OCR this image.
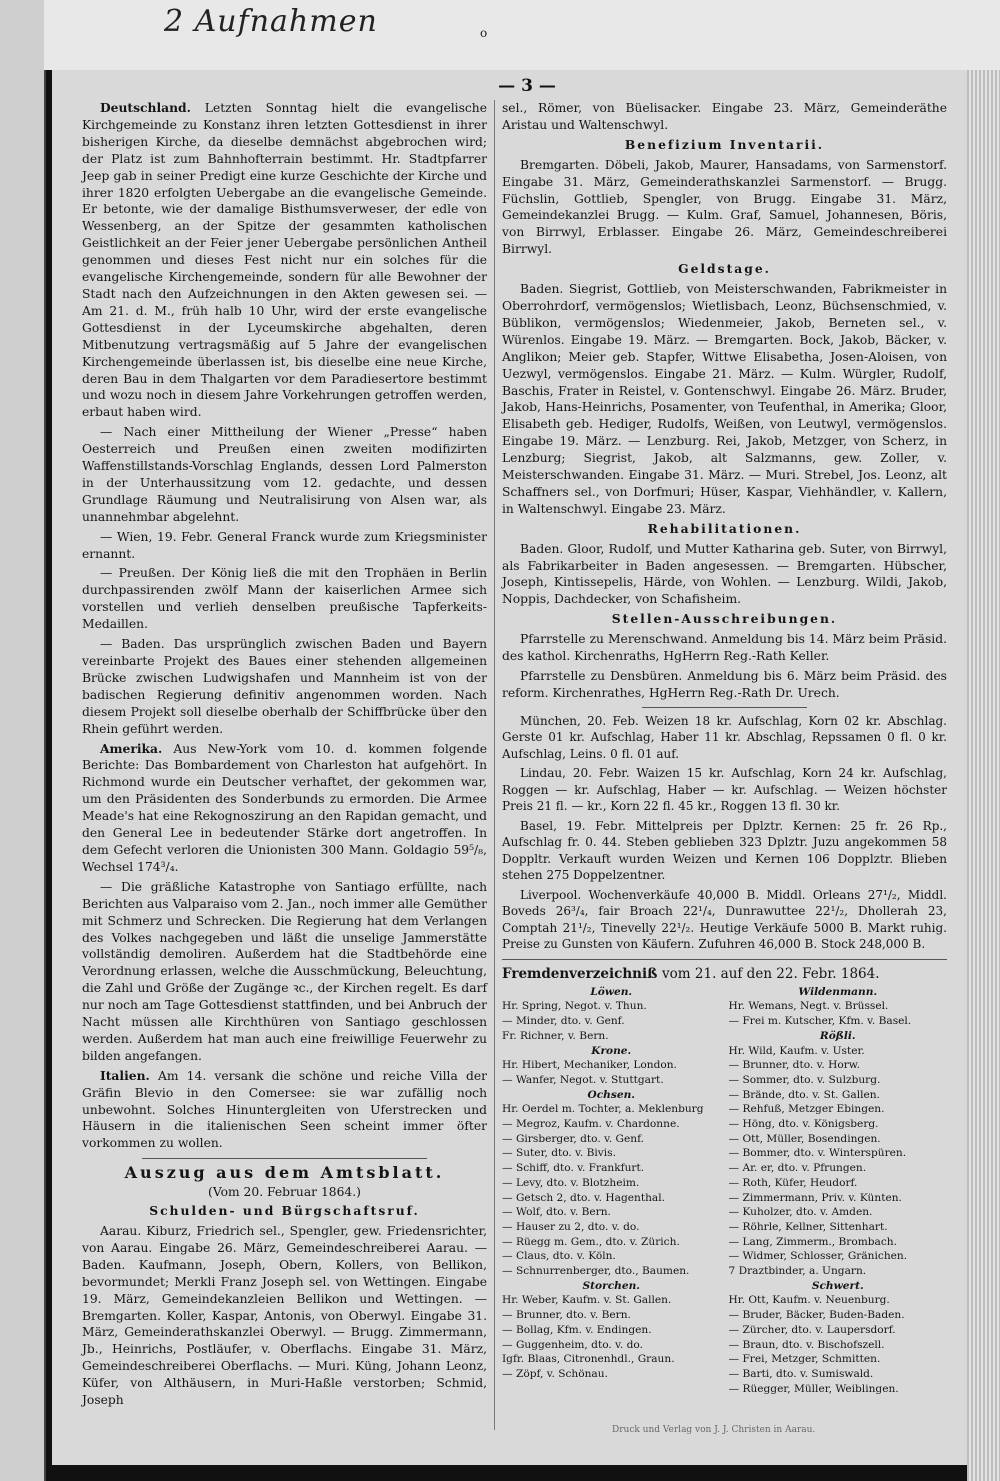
2 Aufnahmen	o
— 3 —

Deutschland. Letzten Sonntag hielt die evangelische Kirchgemeinde zu Konstanz ihren letzten Gottesdienst in ihrer bisherigen Kirche, da dieselbe demnächst abgebrochen wird; der Platz ist zum Bahnhofterrain bestimmt. Hr. Stadtpfarrer Jeep gab in seiner Predigt eine kurze Geschichte der Kirche und ihrer 1820 erfolgten Uebergabe an die evangelische Gemeinde. Er betonte, wie der damalige Bisthumsverweser, der edle von Wessenberg, an der Spitze der gesammten katholischen Geistlichkeit an der Feier jener Uebergabe persönlichen Antheil genommen und dieses Fest nicht nur ein solches für die evangelische Kirchengemeinde, sondern für alle Bewohner der Stadt nach den Aufzeichnungen in den Akten gewesen sei. — Am 21. d. M., früh halb 10 Uhr, wird der erste evangelische Gottesdienst in der Lyceumskirche abgehalten, deren Mitbenutzung vertragsmäßig auf 5 Jahre der evangelischen Kirchengemeinde überlassen ist, bis dieselbe eine neue Kirche, deren Bau in dem Thalgarten vor dem Paradiesertore bestimmt und wozu noch in diesem Jahre Vorkehrungen getroffen werden, erbaut haben wird.

— Nach einer Mittheilung der Wiener „Presse“ haben Oesterreich und Preußen einen zweiten modifizirten Waffenstillstands-Vorschlag Englands, dessen Lord Palmerston in der Unterhaussitzung vom 12. gedachte, und dessen Grundlage Räumung und Neutralisirung von Alsen war, als unannehmbar abgelehnt.

— Wien, 19. Febr. General Franck wurde zum Kriegsminister ernannt.

— Preußen. Der König ließ die mit den Trophäen in Berlin durchpassirenden zwölf Mann der kaiserlichen Armee sich vorstellen und verlieh denselben preußische Tapferkeits-Medaillen.

— Baden. Das ursprünglich zwischen Baden und Bayern vereinbarte Projekt des Baues einer stehenden allgemeinen Brücke zwischen Ludwigshafen und Mannheim ist von der badischen Regierung definitiv angenommen worden. Nach diesem Projekt soll dieselbe oberhalb der Schiffbrücke über den Rhein geführt werden.

Amerika. Aus New-York vom 10. d. kommen folgende Berichte: Das Bombardement von Charleston hat aufgehört. In Richmond wurde ein Deutscher verhaftet, der gekommen war, um den Präsidenten des Sonderbunds zu ermorden. Die Armee Meade's hat eine Rekognoszirung an den Rapidan gemacht, und den General Lee in bedeutender Stärke dort angetroffen. In dem Gefecht verloren die Unionisten 300 Mann. Goldagio 59⁵/₈, Wechsel 174³/₄.

— Die gräßliche Katastrophe von Santiago erfüllte, nach Berichten aus Valparaiso vom 2. Jan., noch immer alle Gemüther mit Schmerz und Schrecken. Die Regierung hat dem Verlangen des Volkes nachgegeben und läßt die unselige Jammerstätte vollständig demoliren. Außerdem hat die Stadtbehörde eine Verordnung erlassen, welche die Ausschmückung, Beleuchtung, die Zahl und Größe der Zugänge ꝛc., der Kirchen regelt. Es darf nur noch am Tage Gottesdienst stattfinden, und bei Anbruch der Nacht müssen alle Kirchthüren von Santiago geschlossen werden. Außerdem hat man auch eine freiwillige Feuerwehr zu bilden angefangen.

Italien. Am 14. versank die schöne und reiche Villa der Gräfin Blevio in den Comersee: sie war zufällig noch unbewohnt. Solches Hinuntergleiten von Uferstrecken und Häusern in die italienischen Seen scheint immer öfter vorkommen zu wollen.

Auszug aus dem Amtsblatt.
(Vom 20. Februar 1864.)
Schulden- und Bürgschaftsruf.

Aarau. Kiburz, Friedrich sel., Spengler, gew. Friedensrichter, von Aarau. Eingabe 26. März, Gemeindeschreiberei Aarau. — Baden. Kaufmann, Joseph, Obern, Kollers, von Bellikon, bevormundet; Merkli Franz Joseph sel. von Wettingen. Eingabe 19. März, Gemeindekanzleien Bellikon und Wettingen. — Bremgarten. Koller, Kaspar, Antonis, von Oberwyl. Eingabe 31. März, Gemeinderathskanzlei Oberwyl. — Brugg. Zimmermann, Jb., Heinrichs, Postläufer, v. Oberflachs. Eingabe 31. März, Gemeindeschreiberei Oberflachs. — Muri. Küng, Johann Leonz, Küfer, von Althäusern, in Muri-Haßle verstorben; Schmid, Joseph

sel., Römer, von Büelisacker. Eingabe 23. März, Gemeinderäthe Aristau und Waltenschwyl.

Benefizium Inventarii.

Bremgarten. Döbeli, Jakob, Maurer, Hansadams, von Sarmenstorf. Eingabe 31. März, Gemeinderathskanzlei Sarmenstorf. — Brugg. Füchslin, Gottlieb, Spengler, von Brugg. Eingabe 31. März, Gemeindekanzlei Brugg. — Kulm. Graf, Samuel, Johannesen, Böris, von Birrwyl, Erblasser. Eingabe 26. März, Gemeindeschreiberei Birrwyl.

Geldstage.

Baden. Siegrist, Gottlieb, von Meisterschwanden, Fabrikmeister in Oberrohrdorf, vermögenslos; Wietlisbach, Leonz, Büchsenschmied, v. Büblikon, vermögenslos; Wiedenmeier, Jakob, Berneten sel., v. Würenlos. Eingabe 19. März. — Bremgarten. Bock, Jakob, Bäcker, v. Anglikon; Meier geb. Stapfer, Wittwe Elisabetha, Josen-Aloisen, von Uezwyl, vermögenslos. Eingabe 21. März. — Kulm. Würgler, Rudolf, Baschis, Frater in Reistel, v. Gontenschwyl. Eingabe 26. März. Bruder, Jakob, Hans-Heinrichs, Posamenter, von Teufenthal, in Amerika; Gloor, Elisabeth geb. Hediger, Rudolfs, Weißen, von Leutwyl, vermögenslos. Eingabe 19. März. — Lenzburg. Rei, Jakob, Metzger, von Scherz, in Lenzburg; Siegrist, Jakob, alt Salzmanns, gew. Zoller, v. Meisterschwanden. Eingabe 31. März. — Muri. Strebel, Jos. Leonz, alt Schaffners sel., von Dorfmuri; Hüser, Kaspar, Viehhändler, v. Kallern, in Waltenschwyl. Eingabe 23. März.

Rehabilitationen.

Baden. Gloor, Rudolf, und Mutter Katharina geb. Suter, von Birrwyl, als Fabrikarbeiter in Baden angesessen. — Bremgarten. Hübscher, Joseph, Kintissepelis, Härde, von Wohlen. — Lenzburg. Wildi, Jakob, Noppis, Dachdecker, von Schafisheim.

Stellen-Ausschreibungen.

Pfarrstelle zu Merenschwand. Anmeldung bis 14. März beim Präsid. des kathol. Kirchenraths, HgHerrn Reg.-Rath Keller.

Pfarrstelle zu Densbüren. Anmeldung bis 6. März beim Präsid. des reform. Kirchenrathes, HgHerrn Reg.-Rath Dr. Urech.

München, 20. Feb. Weizen 18 kr. Aufschlag, Korn 02 kr. Abschlag. Gerste 01 kr. Aufschlag, Haber 11 kr. Abschlag, Repssamen 0 fl. 0 kr. Aufschlag, Leins. 0 fl. 01 auf.

Lindau, 20. Febr. Waizen 15 kr. Aufschlag, Korn 24 kr. Aufschlag, Roggen — kr. Aufschlag, Haber — kr. Aufschlag. — Weizen höchster Preis 21 fl. — kr., Korn 22 fl. 45 kr., Roggen 13 fl. 30 kr.

Basel, 19. Febr. Mittelpreis per Dplztr. Kernen: 25 fr. 26 Rp., Aufschlag fr. 0. 44. Steben geblieben 323 Dplztr. Juzu angekommen 58 Doppltr. Verkauft wurden Weizen und Kernen 106 Dopplztr. Blieben stehen 275 Doppelzentner.

Liverpool. Wochenverkäufe 40,000 B. Middl. Orleans 27¹/₂, Middl. Boveds 26³/₄, fair Broach 22¹/₄, Dunrawuttee 22¹/₂, Dhollerah 23, Comptah 21¹/₂, Tinevelly 22¹/₂. Heutige Verkäufe 5000 B. Markt ruhig. Preise zu Gunsten von Käufern. Zufuhren 46,000 B. Stock 248,000 B.

Fremdenverzeichniß vom 21. auf den 22. Febr. 1864.
Löwen.
Hr. Spring, Negot. v. Thun.
— Minder, dto. v. Genf.
Fr. Richner, v. Bern.
Krone.
Hr. Hibert, Mechaniker, London.
— Wanfer, Negot. v. Stuttgart.
Ochsen.
Hr. Oerdel m. Tochter, a. Meklenburg
— Megroz, Kaufm. v. Chardonne.
— Girsberger, dto. v. Genf.
— Suter, dto. v. Bivis.
— Schiff, dto. v. Frankfurt.
— Levy, dto. v. Blotzheim.
— Getsch 2, dto. v. Hagenthal.
— Wolf, dto. v. Bern.
— Hauser zu 2, dto. v. do.
— Rüegg m. Gem., dto. v. Zürich.
— Claus, dto. v. Köln.
— Schnurrenberger, dto., Baumen.
Storchen.
Hr. Weber, Kaufm. v. St. Gallen.
— Brunner, dto. v. Bern.
— Bollag, Kfm. v. Endingen.
— Guggenheim, dto. v. do.
Igfr. Blaas, Citronenhdl., Graun.
— Zöpf, v. Schönau.
Wildenmann.
Hr. Wemans, Negt. v. Brüssel.
— Frei m. Kutscher, Kfm. v. Basel.
Rößli.
Hr. Wild, Kaufm. v. Uster.
— Brunner, dto. v. Horw.
— Sommer, dto. v. Sulzburg.
— Brände, dto. v. St. Gallen.
— Rehfuß, Metzger Ebingen.
— Höng, dto. v. Königsberg.
— Ott, Müller, Bosendingen.
— Bommer, dto. v. Winterspüren.
— Ar. er, dto. v. Pfrungen.
— Roth, Küfer, Heudorf.
— Zimmermann, Priv. v. Künten.
— Kuholzer, dto. v. Amden.
— Röhrle, Kellner, Sittenhart.
— Lang, Zimmerm., Brombach.
— Widmer, Schlosser, Gränichen.
7 Draztbinder, a. Ungarn.
Schwert.
Hr. Ott, Kaufm. v. Neuenburg.
— Bruder, Bäcker, Buden-Baden.
— Zürcher, dto. v. Laupersdorf.
— Braun, dto. v. Bischofszell.
— Frei, Metzger, Schmitten.
— Barti, dto. v. Sumiswald.
— Rüegger, Müller, Weiblingen.
Druck und Verlag von J. J. Christen in Aarau.
